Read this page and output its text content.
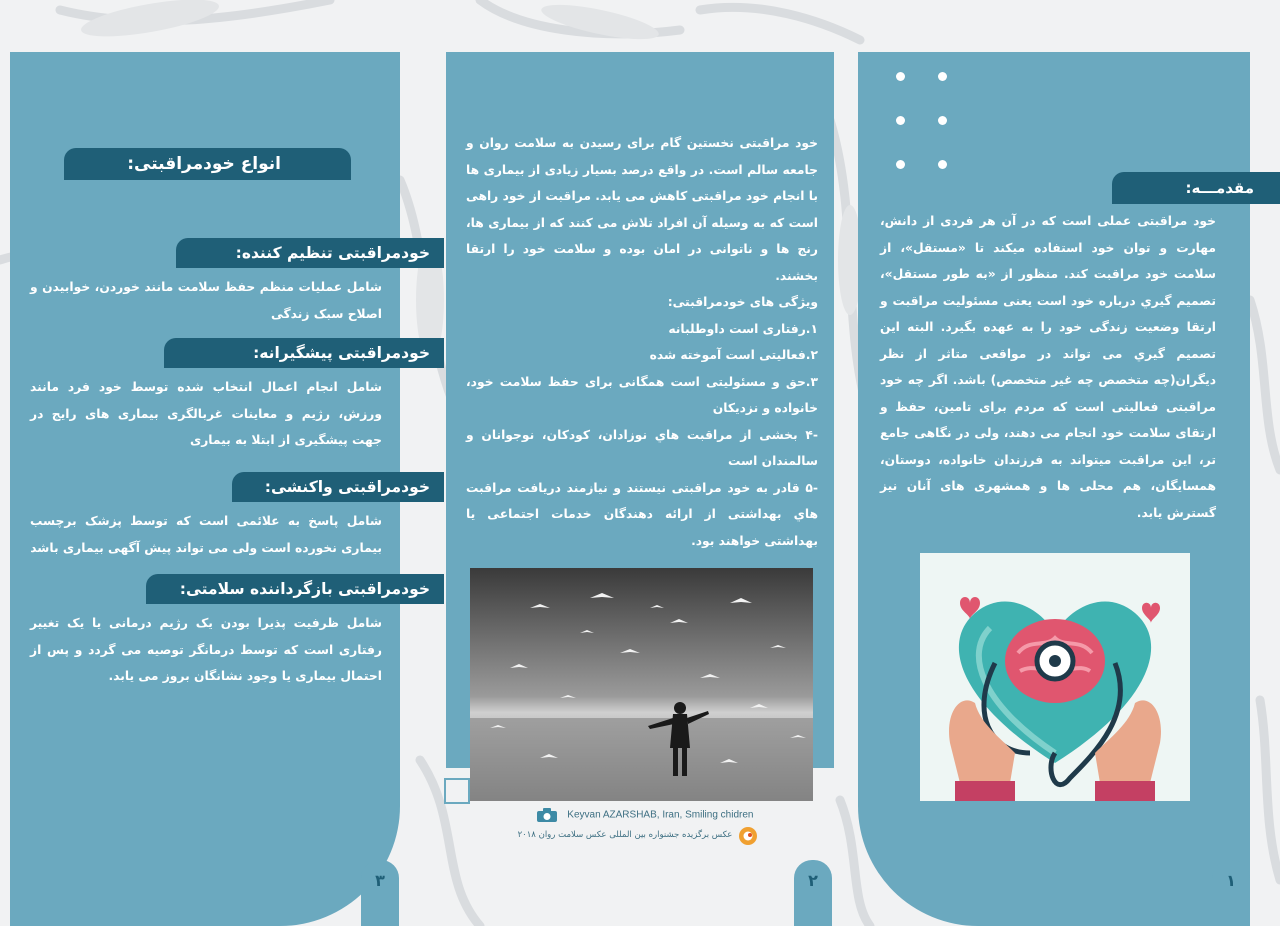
خود مراقبتی عملی است که در آن هر فردی از دانش، مهارت و توان خود استفاده میکند تا «مستقل»، از سلامت خود مراقبت کند. منظور از «به طور مستقل»، تصمیم گيري درباره خود است يعنی مسئوليت مراقبت و ارتقا وضعیت زندگی خود را به عهده بگیرد. البته این تصمیم گیري می تواند در مواقعی متاثر از نظر دیگران(چه متخصص چه غیر متخصص) باشد. اگر چه خود مراقبتی فعالیتی است که مردم برای تامین، حفظ و ارتقای سلامت خود انجام می دهند، ولی در نگاهی جامع تر، این مراقبت میتواند به فرزندان خانواده، دوستان، همسایگان، هم محلی ها و همشهری های آنان نیز گسترش یابد.
مقدمـــه:
۱

خود مراقبتی نخستین گام برای رسیدن به سلامت روان و جامعه سالم است. در واقع درصد بسیار زیادی از بیماری ها با انجام خود مراقبتی کاهش می یابد. مراقبت از خود راهی است که به وسیله آن افراد تلاش می کنند که از بیماری ها، رنج ها و ناتوانی در امان بوده و سلامت خود را ارتقا بخشند.

ویژگی های خودمراقبتی:

۱.رفتاری است داوطلبانه

۲.فعالیتی است آموخته شده

۳.حق و مسئولیتی است همگانی برای حفظ سلامت خود، خانواده و نزدیکان

-۴ بخشی از مراقبت هاي نوزادان، کودکان، نوجوانان و سالمندان است

-۵ قادر به خود مراقبتی نیستند و نیازمند دریافت مراقبت هاي بهداشتی از ارائه دهندگان خدمات اجتماعی یا بهداشتی خواهند بود.

Keyvan AZARSHAB, Iran, Smiling chidren
عکس برگزیده جشنواره بین المللی عکس سلامت روان ۲۰۱۸
۲
شامل عملیات منظم حفظ سلامت مانند خوردن، خوابیدن و اصلاح سبک زندگی
شامل انجام اعمال انتخاب شده توسط خود فرد مانند ورزش، رژیم و معاینات غربالگری بیماری های رایج در جهت پیشگیری از ابتلا به بیماری
شامل پاسخ به علائمی است که توسط پزشک برچسب بیماری نخورده است ولی می تواند پیش آگهی بیماری باشد
شامل ظرفیت پذیرا بودن یک رژیم درمانی یا یک تغییر رفتاری است که توسط درمانگر توصیه می گردد و پس از احتمال بیماری یا وجود نشانگان بروز می یابد.
انواع خودمراقبتی:
خودمراقبتی تنظیم کننده:
خودمراقبتی پیشگیرانه:
خودمراقبتی واکنشی:
خودمراقبتی بازگرداننده سلامتی:
۳
